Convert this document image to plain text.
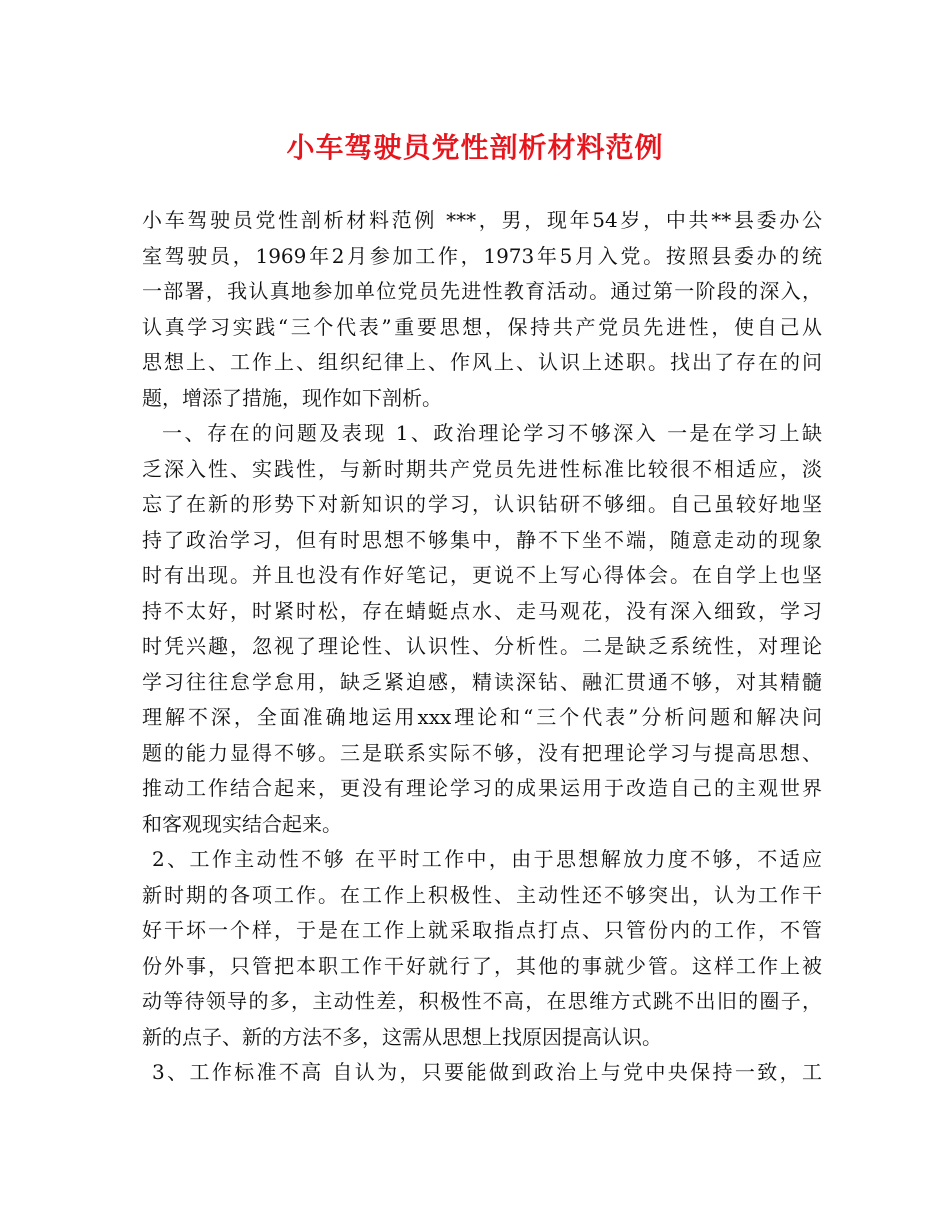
小车驾驶员党性剖析材料范例
小车驾驶员党性剖析材料范例 ***，男，现年54岁，中共**县委办公
室驾驶员，1969年2月参加工作，1973年5月入党。按照县委办的统
一部署，我认真地参加单位党员先进性教育活动。通过第一阶段的深入，
认真学习实践“三个代表”重要思想，保持共产党员先进性，使自己从
思想上、工作上、组织纪律上、作风上、认识上述职。找出了存在的问
题，增添了措施，现作如下剖析。
一、存在的问题及表现 1、政治理论学习不够深入 一是在学习上缺
乏深入性、实践性，与新时期共产党员先进性标准比较很不相适应，淡
忘了在新的形势下对新知识的学习，认识钻研不够细。自己虽较好地坚
持了政治学习，但有时思想不够集中，静不下坐不端，随意走动的现象
时有出现。并且也没有作好笔记，更说不上写心得体会。在自学上也坚
持不太好，时紧时松，存在蜻蜓点水、走马观花，没有深入细致，学习
时凭兴趣，忽视了理论性、认识性、分析性。二是缺乏系统性，对理论
学习往往怠学怠用，缺乏紧迫感，精读深钻、融汇贯通不够，对其精髓
理解不深，全面准确地运用xxx理论和“三个代表”分析问题和解决问
题的能力显得不够。三是联系实际不够，没有把理论学习与提高思想、
推动工作结合起来，更没有理论学习的成果运用于改造自己的主观世界
和客观现实结合起来。
2、工作主动性不够 在平时工作中，由于思想解放力度不够，不适应
新时期的各项工作。在工作上积极性、主动性还不够突出，认为工作干
好干坏一个样，于是在工作上就采取指点打点、只管份内的工作，不管
份外事，只管把本职工作干好就行了，其他的事就少管。这样工作上被
动等待领导的多，主动性差，积极性不高，在思维方式跳不出旧的圈子，
新的点子、新的方法不多，这需从思想上找原因提高认识。
3、工作标准不高 自认为，只要能做到政治上与党中央保持一致，工
